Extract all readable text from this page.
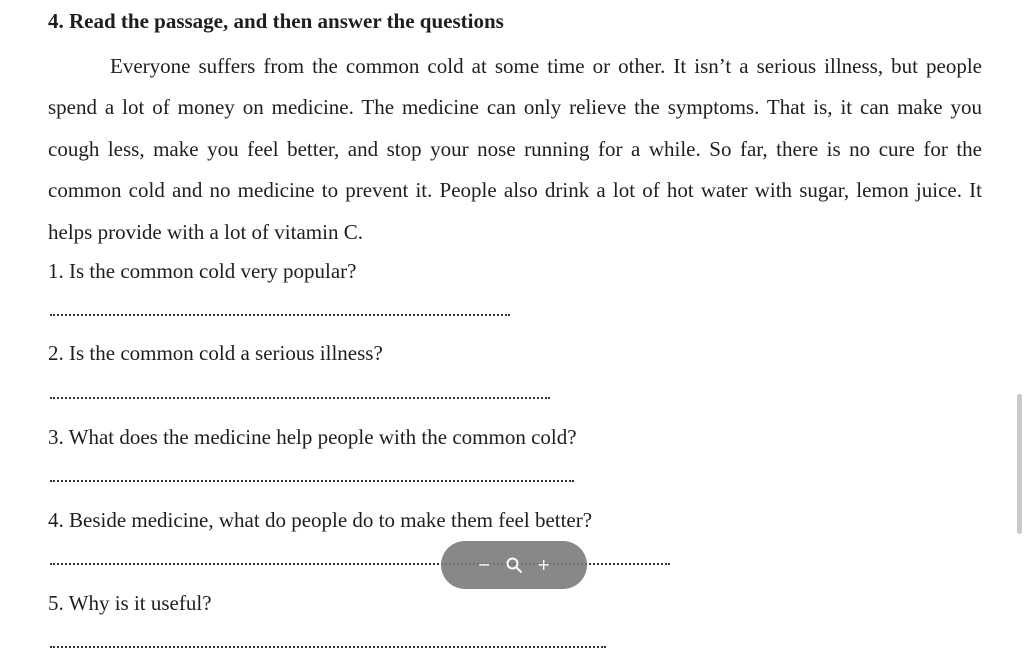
4. Read the passage, and then answer the questions

Everyone suffers from the common cold at some time or other. It isn’t a serious illness, but people spend a lot of money on medicine. The medicine can only relieve the symptoms. That is, it can make you cough less, make you feel better, and stop your nose running for a while. So far, there is no cure for the common cold and no medicine to prevent it. People also drink a lot of hot water with sugar, lemon juice. It helps provide with a lot of vitamin C.

1. Is the common cold very popular?
2. Is the common cold a serious illness?
3. What does the medicine help people with the common cold?
4. Beside medicine, what do people do to make them feel better?
5. Why is it useful?
−	+
